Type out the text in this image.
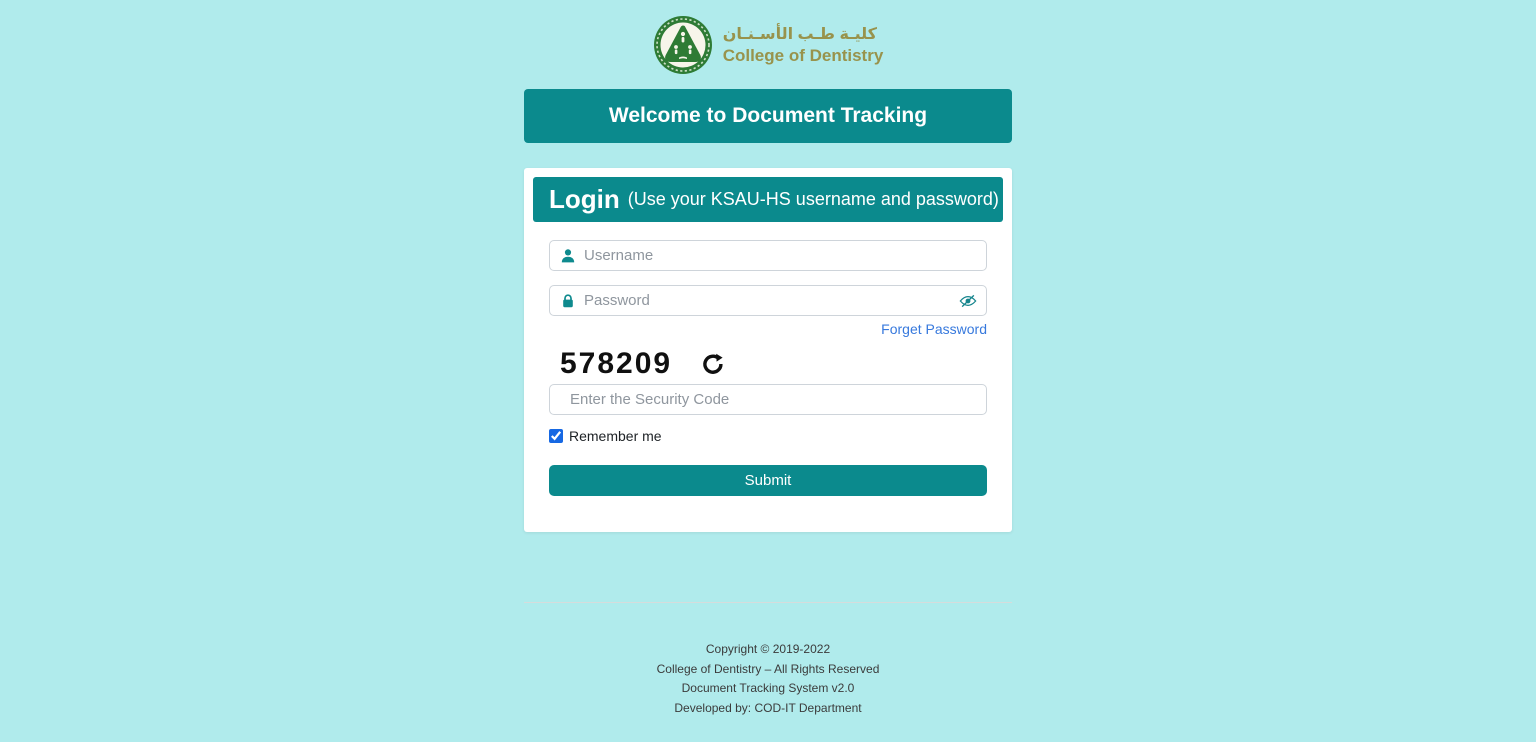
كليـة طـب الأسـنـان
College of Dentistry
Welcome to Document Tracking
Login (Use your KSAU-HS username and password)
Username
Forget Password
578209
Enter the Security Code
Remember me
Submit
Copyright © 2019-2022
College of Dentistry – All Rights Reserved
Document Tracking System v2.0
Developed by: COD-IT Department
